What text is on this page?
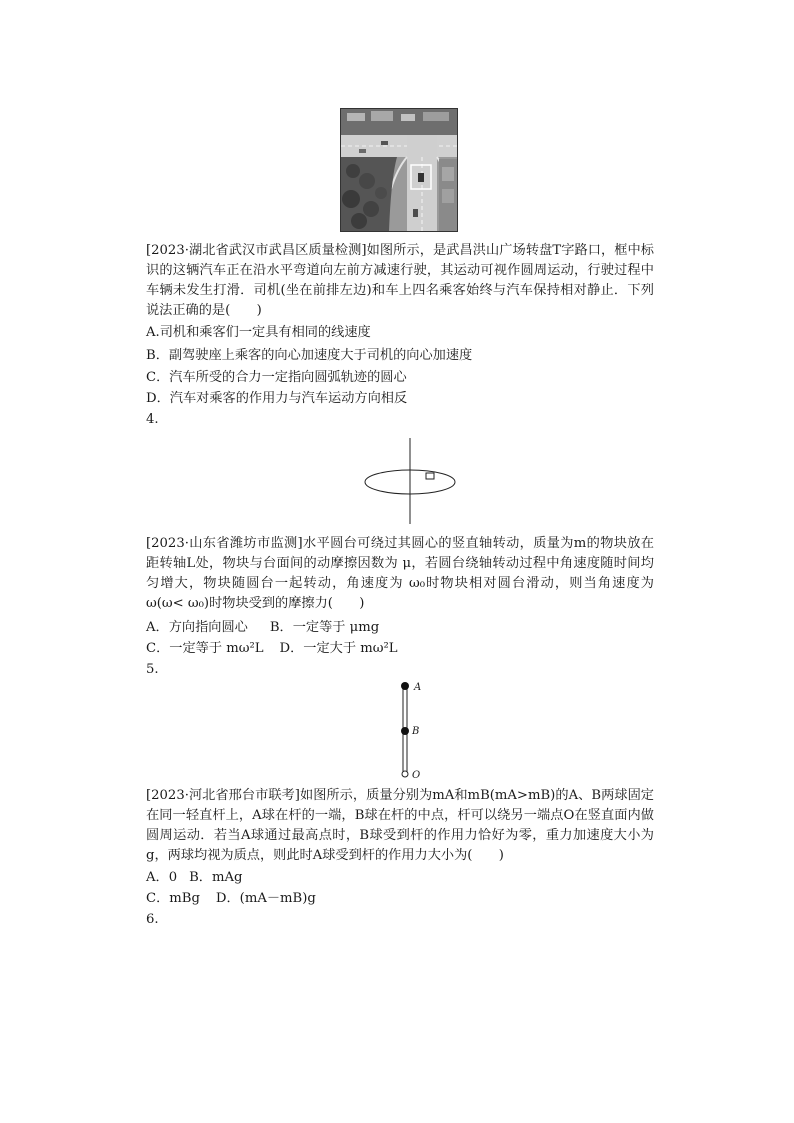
[2023·湖北省武汉市武昌区质量检测]如图所示，是武昌洪山广场转盘T字路口，框中标识的这辆汽车正在沿水平弯道向左前方减速行驶，其运动可视作圆周运动，行驶过程中车辆未发生打滑．司机(坐在前排左边)和车上四名乘客始终与汽车保持相对静止．下列说法正确的是(　　)
A.司机和乘客们一定具有相同的线速度
B．副驾驶座上乘客的向心加速度大于司机的向心加速度
C．汽车所受的合力一定指向圆弧轨迹的圆心
D．汽车对乘客的作用力与汽车运动方向相反
4.
[2023·山东省潍坊市监测]水平圆台可绕过其圆心的竖直轴转动，质量为m的物块放在距转轴L处，物块与台面间的动摩擦因数为 μ，若圆台绕轴转动过程中角速度随时间均匀增大，物块随圆台一起转动，角速度为 ω₀时物块相对圆台滑动，则当角速度为 ω(ω< ω₀)时物块受到的摩擦力(　　)
A．方向指向圆心 B．一定等于 μmg
C．一定等于 mω²L D．一定大于 mω²L
5.
A
B
O
[2023·河北省邢台市联考]如图所示，质量分别为mA和mB(mA>mB)的A、B两球固定在同一轻直杆上，A球在杆的一端，B球在杆的中点，杆可以绕另一端点O在竖直面内做圆周运动．若当A球通过最高点时，B球受到杆的作用力恰好为零，重力加速度大小为g，两球均视为质点，则此时A球受到杆的作用力大小为(　　)
A．0 B．mAg
C．mBg D．(mA－mB)g
6.
